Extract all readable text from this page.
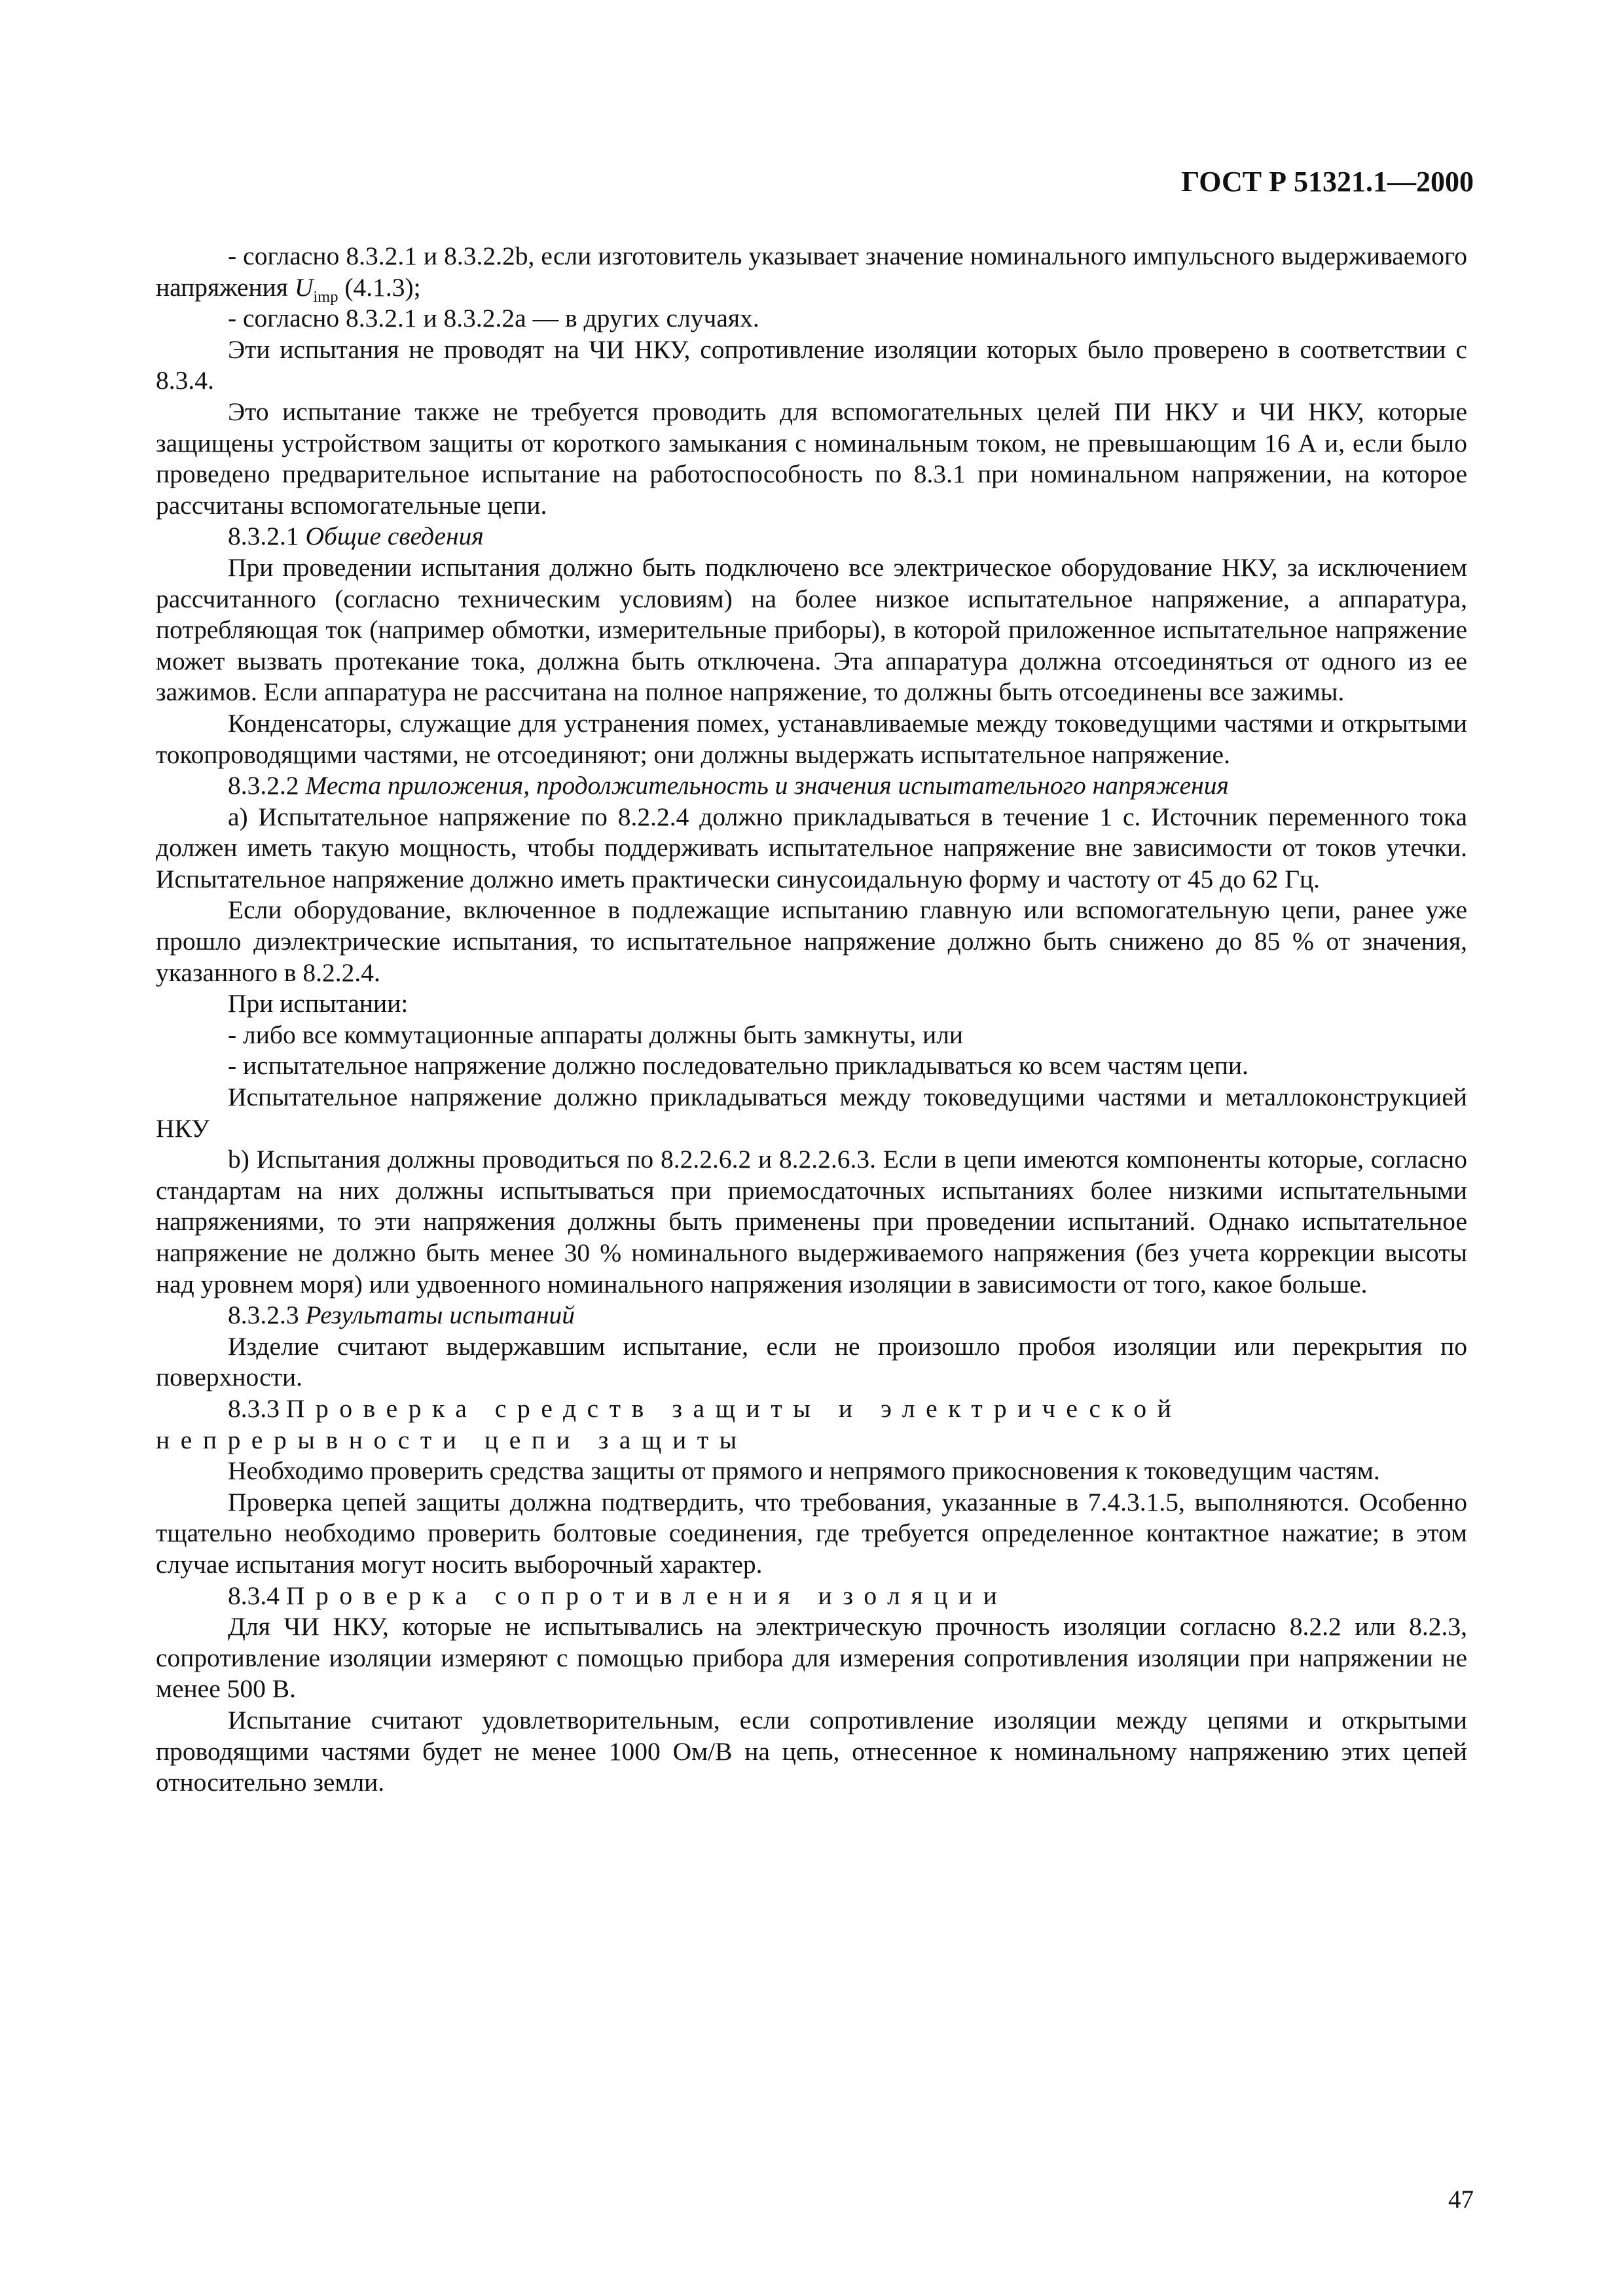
ГОСТ Р 51321.1—2000

- согласно 8.3.2.1 и 8.3.2.2b, если изготовитель указывает значение номинального импульсного выдерживаемого напряжения $U_{imp}$ (4.1.3);

- согласно 8.3.2.1 и 8.3.2.2а — в других случаях.

Эти испытания не проводят на ЧИ НКУ, сопротивление изоляции которых было проверено в соответствии с 8.3.4.

Это испытание также не требуется проводить для вспомогательных целей ПИ НКУ и ЧИ НКУ, которые защищены устройством защиты от короткого замыкания с номинальным током, не превышающим 16 А и, если было проведено предварительное испытание на работоспособность по 8.3.1 при номинальном напряжении, на которое рассчитаны вспомогательные цепи.

8.3.2.1 Общие сведения

При проведении испытания должно быть подключено все электрическое оборудование НКУ, за исключением рассчитанного (согласно техническим условиям) на более низкое испытательное напряжение, а аппаратура, потребляющая ток (например обмотки, измерительные приборы), в которой приложенное испытательное напряжение может вызвать протекание тока, должна быть отключена. Эта аппаратура должна отсоединяться от одного из ее зажимов. Если аппаратура не рассчитана на полное напряжение, то должны быть отсоединены все зажимы.

Конденсаторы, служащие для устранения помех, устанавливаемые между токоведущими частями и открытыми токопроводящими частями, не отсоединяют; они должны выдержать испытательное напряжение.

8.3.2.2 Места приложения, продолжительность и значения испытательного напряжения

а) Испытательное напряжение по 8.2.2.4 должно прикладываться в течение 1 с. Источник переменного тока должен иметь такую мощность, чтобы поддерживать испытательное напряжение вне зависимости от токов утечки. Испытательное напряжение должно иметь практически синусоидальную форму и частоту от 45 до 62 Гц.

Если оборудование, включенное в подлежащие испытанию главную или вспомогательную цепи, ранее уже прошло диэлектрические испытания, то испытательное напряжение должно быть снижено до 85 % от значения, указанного в 8.2.2.4.

При испытании:

- либо все коммутационные аппараты должны быть замкнуты, или

- испытательное напряжение должно последовательно прикладываться ко всем частям цепи.

Испытательное напряжение должно прикладываться между токоведущими частями и металлоконструкцией НКУ

b) Испытания должны проводиться по 8.2.2.6.2 и 8.2.2.6.3. Если в цепи имеются компоненты которые, согласно стандартам на них должны испытываться при приемосдаточных испытаниях более низкими испытательными напряжениями, то эти напряжения должны быть применены при проведении испытаний. Однако испытательное напряжение не должно быть менее 30 % номинального выдерживаемого напряжения (без учета коррекции высоты над уровнем моря) или удвоенного номинального напряжения изоляции в зависимости от того, какое больше.

8.3.2.3 Результаты испытаний

Изделие считают выдержавшим испытание, если не произошло пробоя изоляции или перекрытия по поверхности.

8.3.3 Проверка средств защиты и электрической непрерывности цепи защиты

Необходимо проверить средства защиты от прямого и непрямого прикосновения к токоведущим частям.

Проверка цепей защиты должна подтвердить, что требования, указанные в 7.4.3.1.5, выполняются. Особенно тщательно необходимо проверить болтовые соединения, где требуется определенное контактное нажатие; в этом случае испытания могут носить выборочный характер.

8.3.4 Проверка сопротивления изоляции

Для ЧИ НКУ, которые не испытывались на электрическую прочность изоляции согласно 8.2.2 или 8.2.3, сопротивление изоляции измеряют с помощью прибора для измерения сопротивления изоляции при напряжении не менее 500 В.

Испытание считают удовлетворительным, если сопротивление изоляции между цепями и открытыми проводящими частями будет не менее 1000 Ом/В на цепь, отнесенное к номинальному напряжению этих цепей относительно земли.

47
